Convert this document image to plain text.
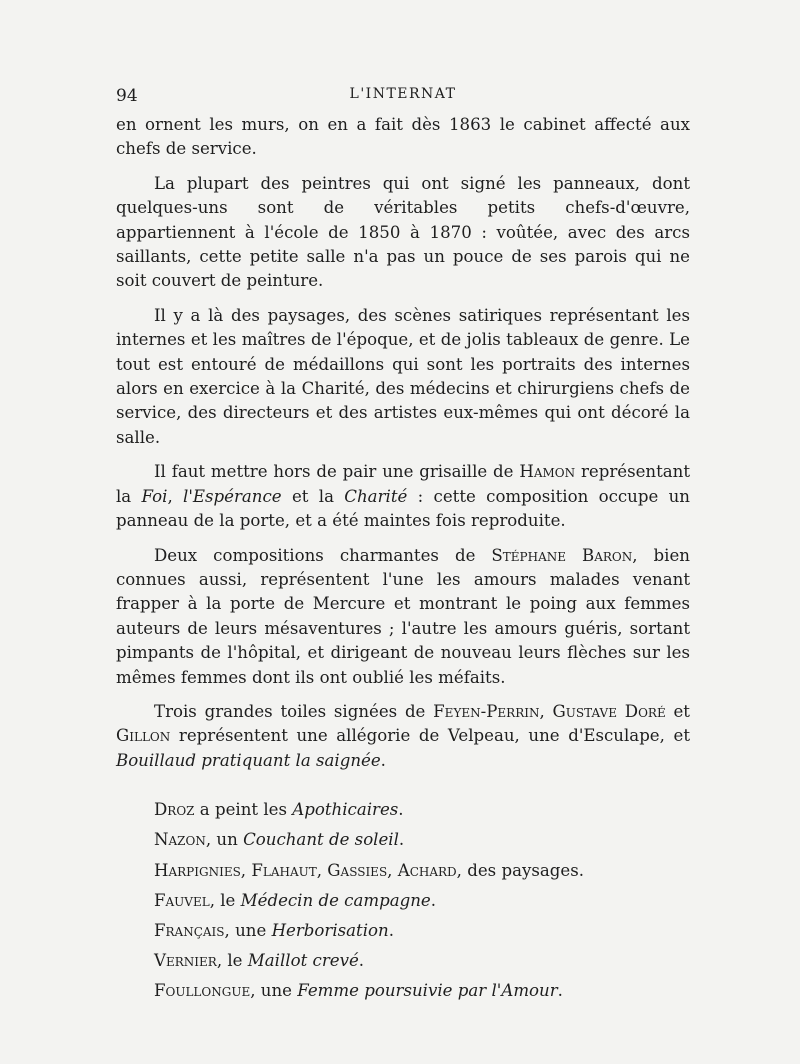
94	L'INTERNAT

en ornent les murs, on en a fait dès 1863 le cabinet affecté aux chefs de service.

La plupart des peintres qui ont signé les panneaux, dont quelques-uns sont de véritables petits chefs-d'œuvre, appartiennent à l'école de 1850 à 1870 : voûtée, avec des arcs saillants, cette petite salle n'a pas un pouce de ses parois qui ne soit couvert de peinture.

Il y a là des paysages, des scènes satiriques représentant les internes et les maîtres de l'époque, et de jolis tableaux de genre. Le tout est entouré de médaillons qui sont les portraits des internes alors en exercice à la Charité, des médecins et chirurgiens chefs de service, des directeurs et des artistes eux-mêmes qui ont décoré la salle.

Il faut mettre hors de pair une grisaille de Hamon représentant la Foi, l'Espérance et la Charité : cette composition occupe un panneau de la porte, et a été maintes fois reproduite.

Deux compositions charmantes de Stéphane Baron, bien connues aussi, représentent l'une les amours malades venant frapper à la porte de Mercure et montrant le poing aux femmes auteurs de leurs mésaventures ; l'autre les amours guéris, sortant pimpants de l'hôpital, et dirigeant de nouveau leurs flèches sur les mêmes femmes dont ils ont oublié les méfaits.

Trois grandes toiles signées de Feyen-Perrin, Gustave Doré et Gillon représentent une allégorie de Velpeau, une d'Esculape, et Bouillaud pratiquant la saignée.

Droz a peint les Apothicaires.
Nazon, un Couchant de soleil.
Harpignies, Flahaut, Gassies, Achard, des paysages.
Fauvel, le Médecin de campagne.
Français, une Herborisation.
Vernier, le Maillot crevé.
Foullongue, une Femme poursuivie par l'Amour.
